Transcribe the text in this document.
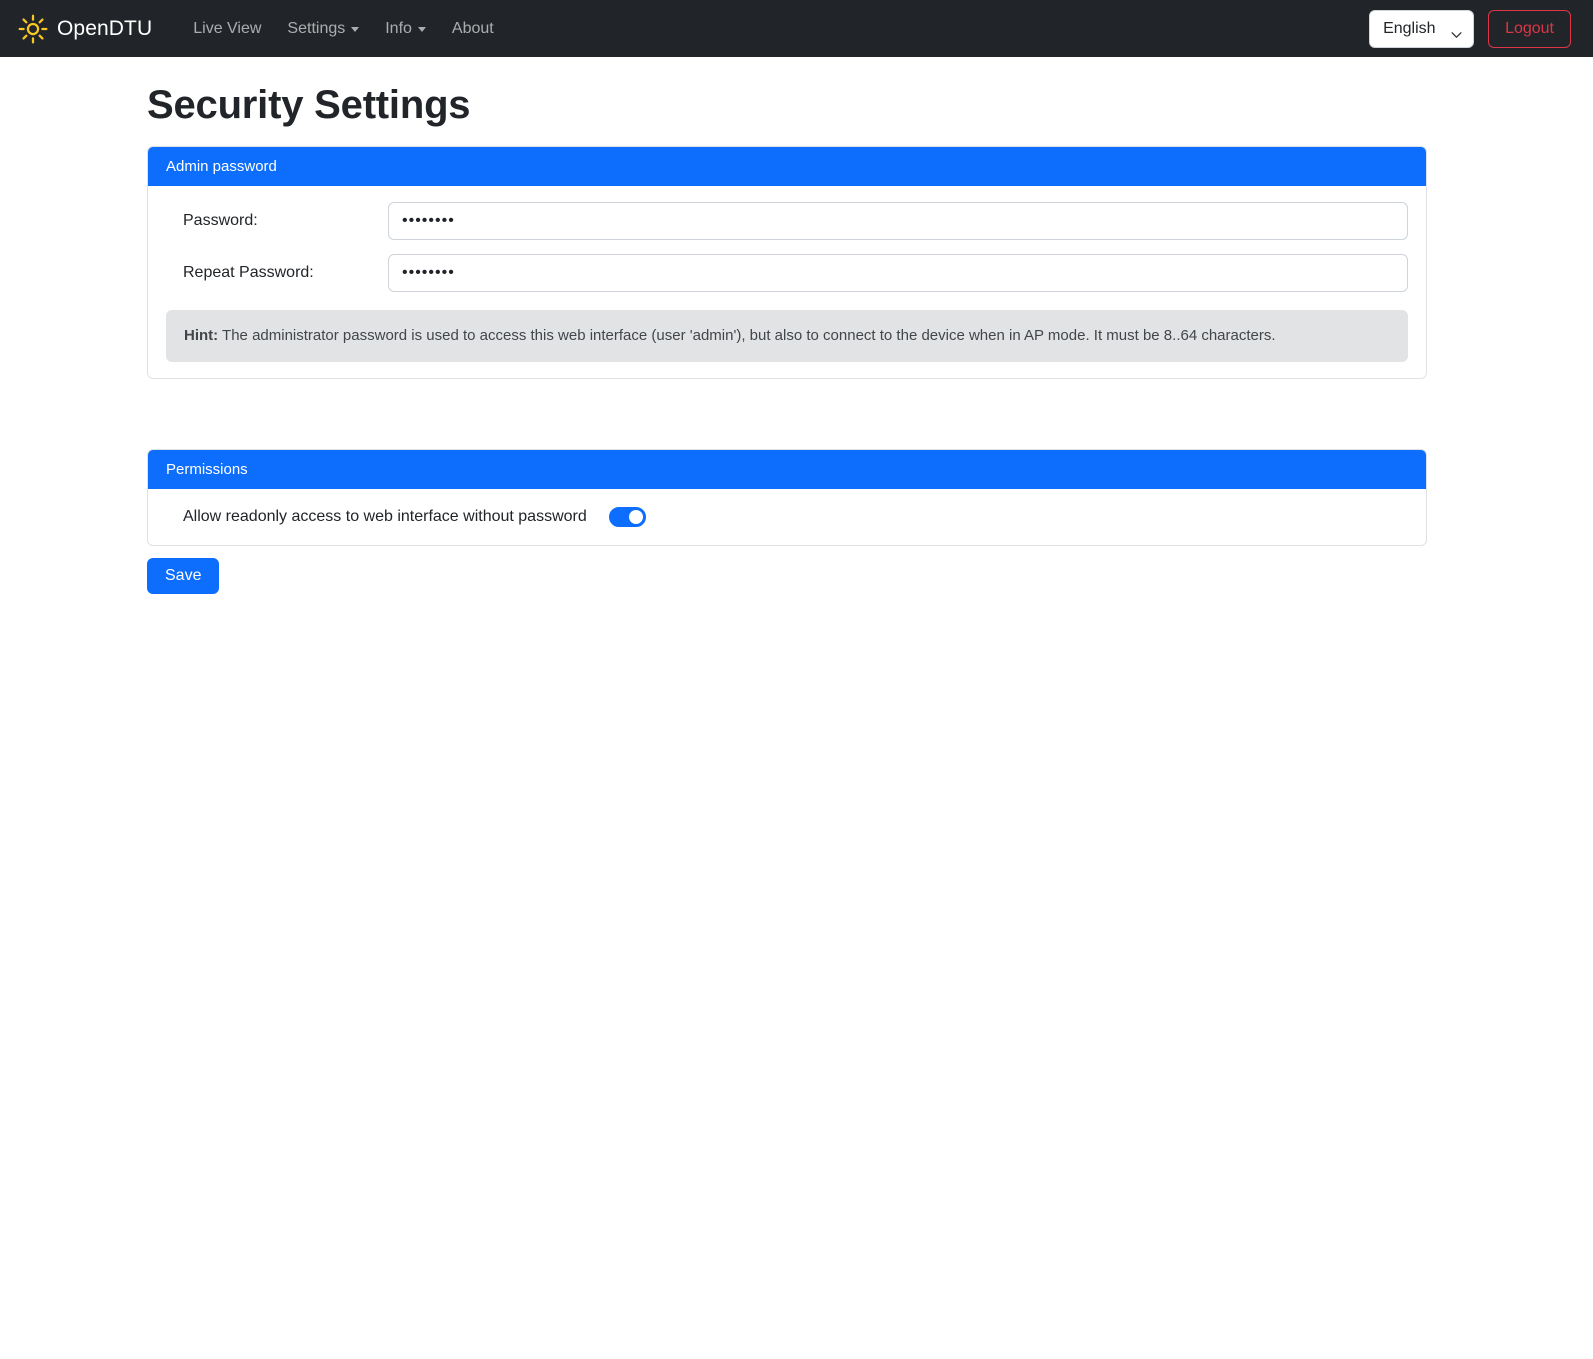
OpenDTU	Live View Settings	Info	About
English	Logout
Security Settings
Admin password
Password:
••••••••
Repeat Password:
••••••••
Hint: The administrator password is used to access this web interface (user 'admin'), but also to connect to the device when in AP mode. It must be 8..64 characters.
Permissions
Allow readonly access to web interface without password
Save
